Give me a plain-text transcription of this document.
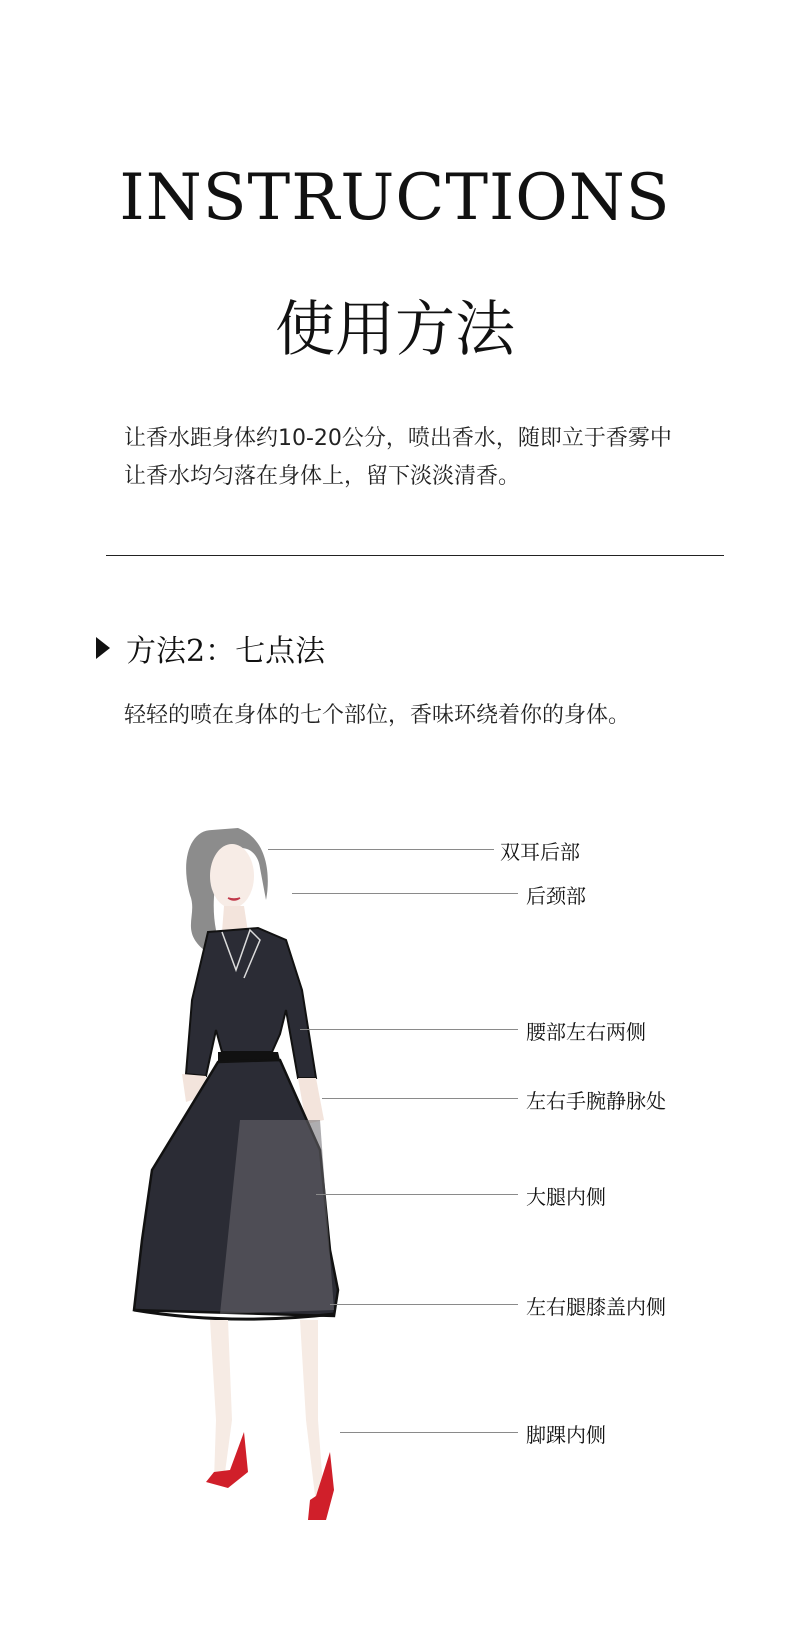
INSTRUCTIONS
使用方法

让香水距身体约10-20公分，喷出香水，随即立于香雾中

让香水均匀落在身体上，留下淡淡清香。

方法2：七点法
轻轻的喷在身体的七个部位，香味环绕着你的身体。
双耳后部
后颈部
腰部左右两侧
左右手腕静脉处
大腿内侧
左右腿膝盖内侧
脚踝内侧
